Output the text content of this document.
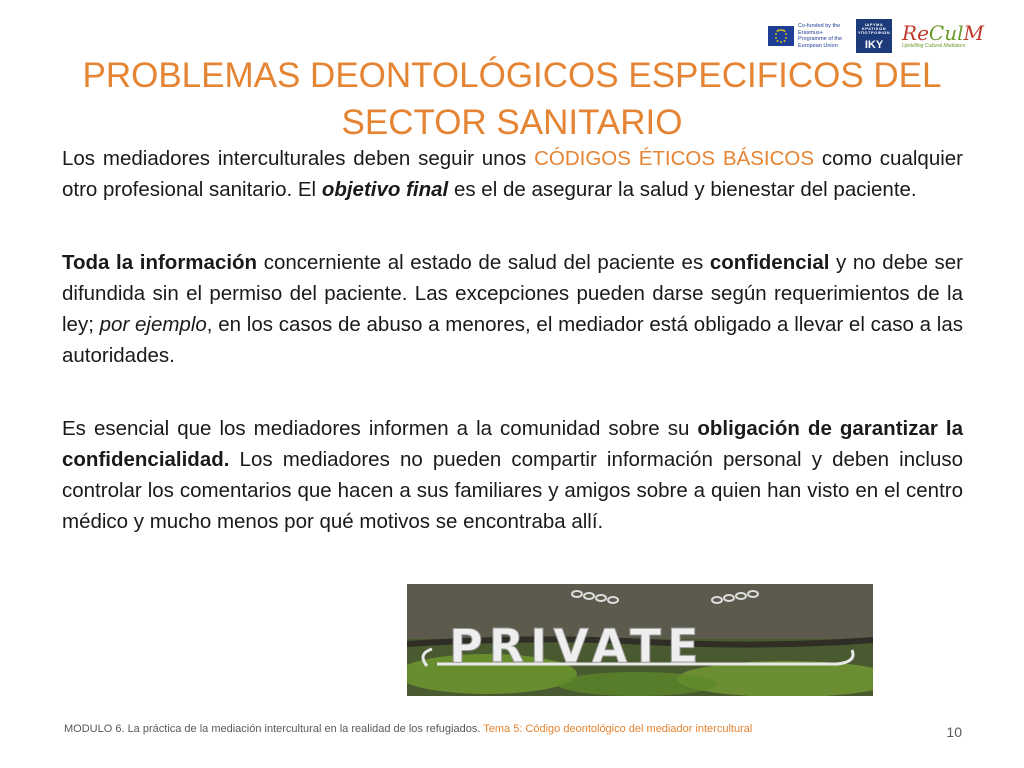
Co-funded by the Erasmus+ Programme of the European Union
ΙΔΡΥΜΑ ΚΡΑΤΙΚΩΝ ΥΠΟΤΡΟΦΙΩΝ
IKY ReCulM
Upskilling Cultural Mediators
PROBLEMAS DEONTOLÓGICOS ESPECIFICOS DEL
SECTOR SANITARIO

Los mediadores interculturales deben seguir unos CÓDIGOS ÉTICOS BÁSICOS como cualquier otro profesional sanitario. El objetivo final es el de asegurar la salud y bienestar del paciente.

Toda la información concerniente al estado de salud del paciente es confidencial y no debe ser difundida sin el permiso del paciente. Las excepciones pueden darse según requerimientos de la ley; por ejemplo, en los casos de abuso a menores, el mediador está obligado a llevar el caso a las autoridades.

Es esencial que los mediadores informen a la comunidad sobre su obligación de garantizar la confidencialidad. Los mediadores no pueden compartir información personal y deben incluso controlar los comentarios que hacen a sus familiares y amigos sobre a quien han visto en el centro médico y mucho menos por qué motivos se encontraba allí.

PRIVATE
MODULO 6. La práctica de la mediación intercultural en la realidad de los refugiados. Tema 5: Código deontológico del mediador intercultural	10
